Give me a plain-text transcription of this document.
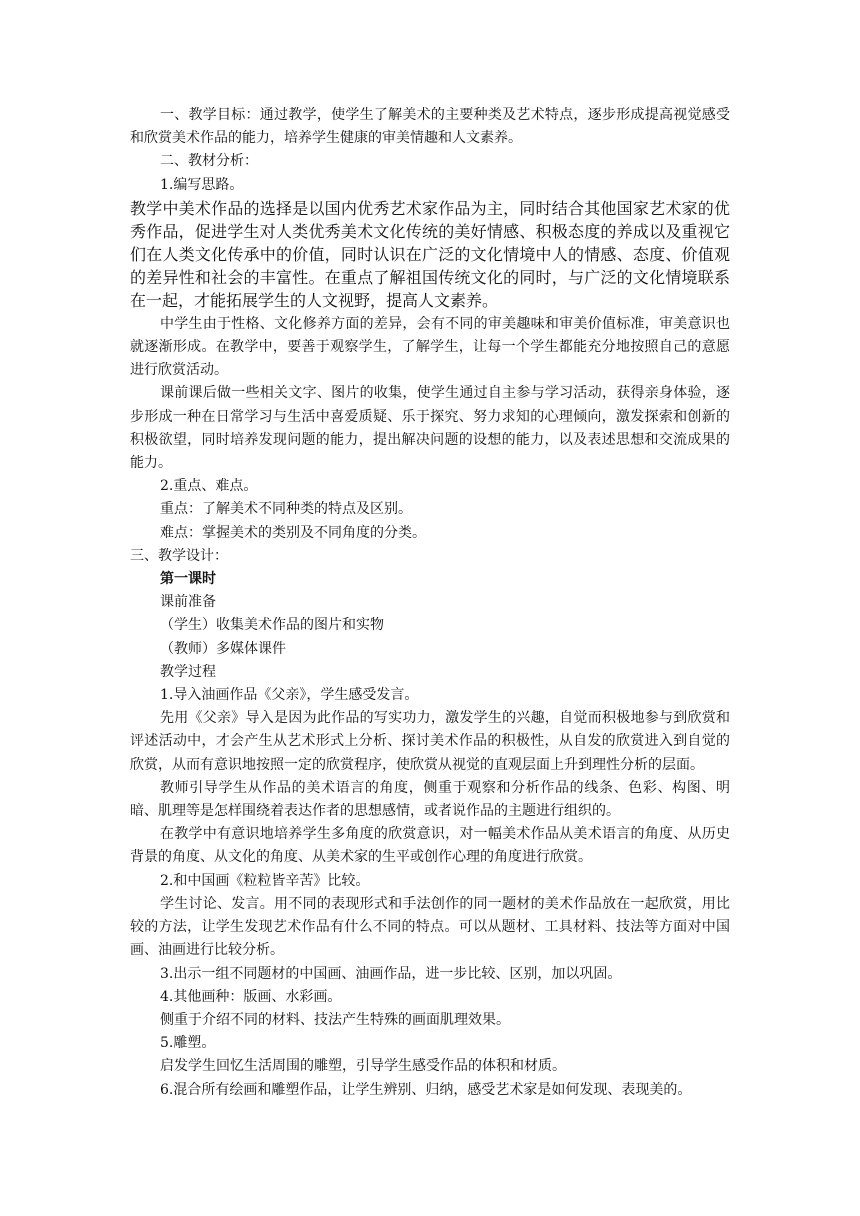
一、教学目标：通过教学，使学生了解美术的主要种类及艺术特点，逐步形成提高视觉感受和欣赏美术作品的能力，培养学生健康的审美情趣和人文素养。

二、教材分析：

1.编写思路。

教学中美术作品的选择是以国内优秀艺术家作品为主，同时结合其他国家艺术家的优秀作品，促进学生对人类优秀美术文化传统的美好情感、积极态度的养成以及重视它们在人类文化传承中的价值，同时认识在广泛的文化情境中人的情感、态度、价值观的差异性和社会的丰富性。在重点了解祖国传统文化的同时，与广泛的文化情境联系在一起，才能拓展学生的人文视野，提高人文素养。

中学生由于性格、文化修养方面的差异，会有不同的审美趣味和审美价值标准，审美意识也就逐渐形成。在教学中，要善于观察学生，了解学生，让每一个学生都能充分地按照自己的意愿进行欣赏活动。

课前课后做一些相关文字、图片的收集，使学生通过自主参与学习活动，获得亲身体验，逐步形成一种在日常学习与生活中喜爱质疑、乐于探究、努力求知的心理倾向，激发探索和创新的积极欲望，同时培养发现问题的能力，提出解决问题的设想的能力，以及表述思想和交流成果的能力。

2.重点、难点。

重点：了解美术不同种类的特点及区别。

难点：掌握美术的类别及不同角度的分类。

三、教学设计：

第一课时

课前准备

（学生）收集美术作品的图片和实物

（教师）多媒体课件

教学过程

1.导入油画作品《父亲》，学生感受发言。

先用《父亲》导入是因为此作品的写实功力，激发学生的兴趣，自觉而积极地参与到欣赏和评述活动中，才会产生从艺术形式上分析、探讨美术作品的积极性，从自发的欣赏进入到自觉的欣赏，从而有意识地按照一定的欣赏程序，使欣赏从视觉的直观层面上升到理性分析的层面。

教师引导学生从作品的美术语言的角度，侧重于观察和分析作品的线条、色彩、构图、明暗、肌理等是怎样围绕着表达作者的思想感情，或者说作品的主题进行组织的。

在教学中有意识地培养学生多角度的欣赏意识，对一幅美术作品从美术语言的角度、从历史背景的角度、从文化的角度、从美术家的生平或创作心理的角度进行欣赏。

2.和中国画《粒粒皆辛苦》比较。

学生讨论、发言。用不同的表现形式和手法创作的同一题材的美术作品放在一起欣赏，用比较的方法，让学生发现艺术作品有什么不同的特点。可以从题材、工具材料、技法等方面对中国画、油画进行比较分析。

3.出示一组不同题材的中国画、油画作品，进一步比较、区别，加以巩固。

4.其他画种：版画、水彩画。

侧重于介绍不同的材料、技法产生特殊的画面肌理效果。

5.雕塑。

启发学生回忆生活周围的雕塑，引导学生感受作品的体积和材质。

6.混合所有绘画和雕塑作品，让学生辨别、归纳，感受艺术家是如何发现、表现美的。
